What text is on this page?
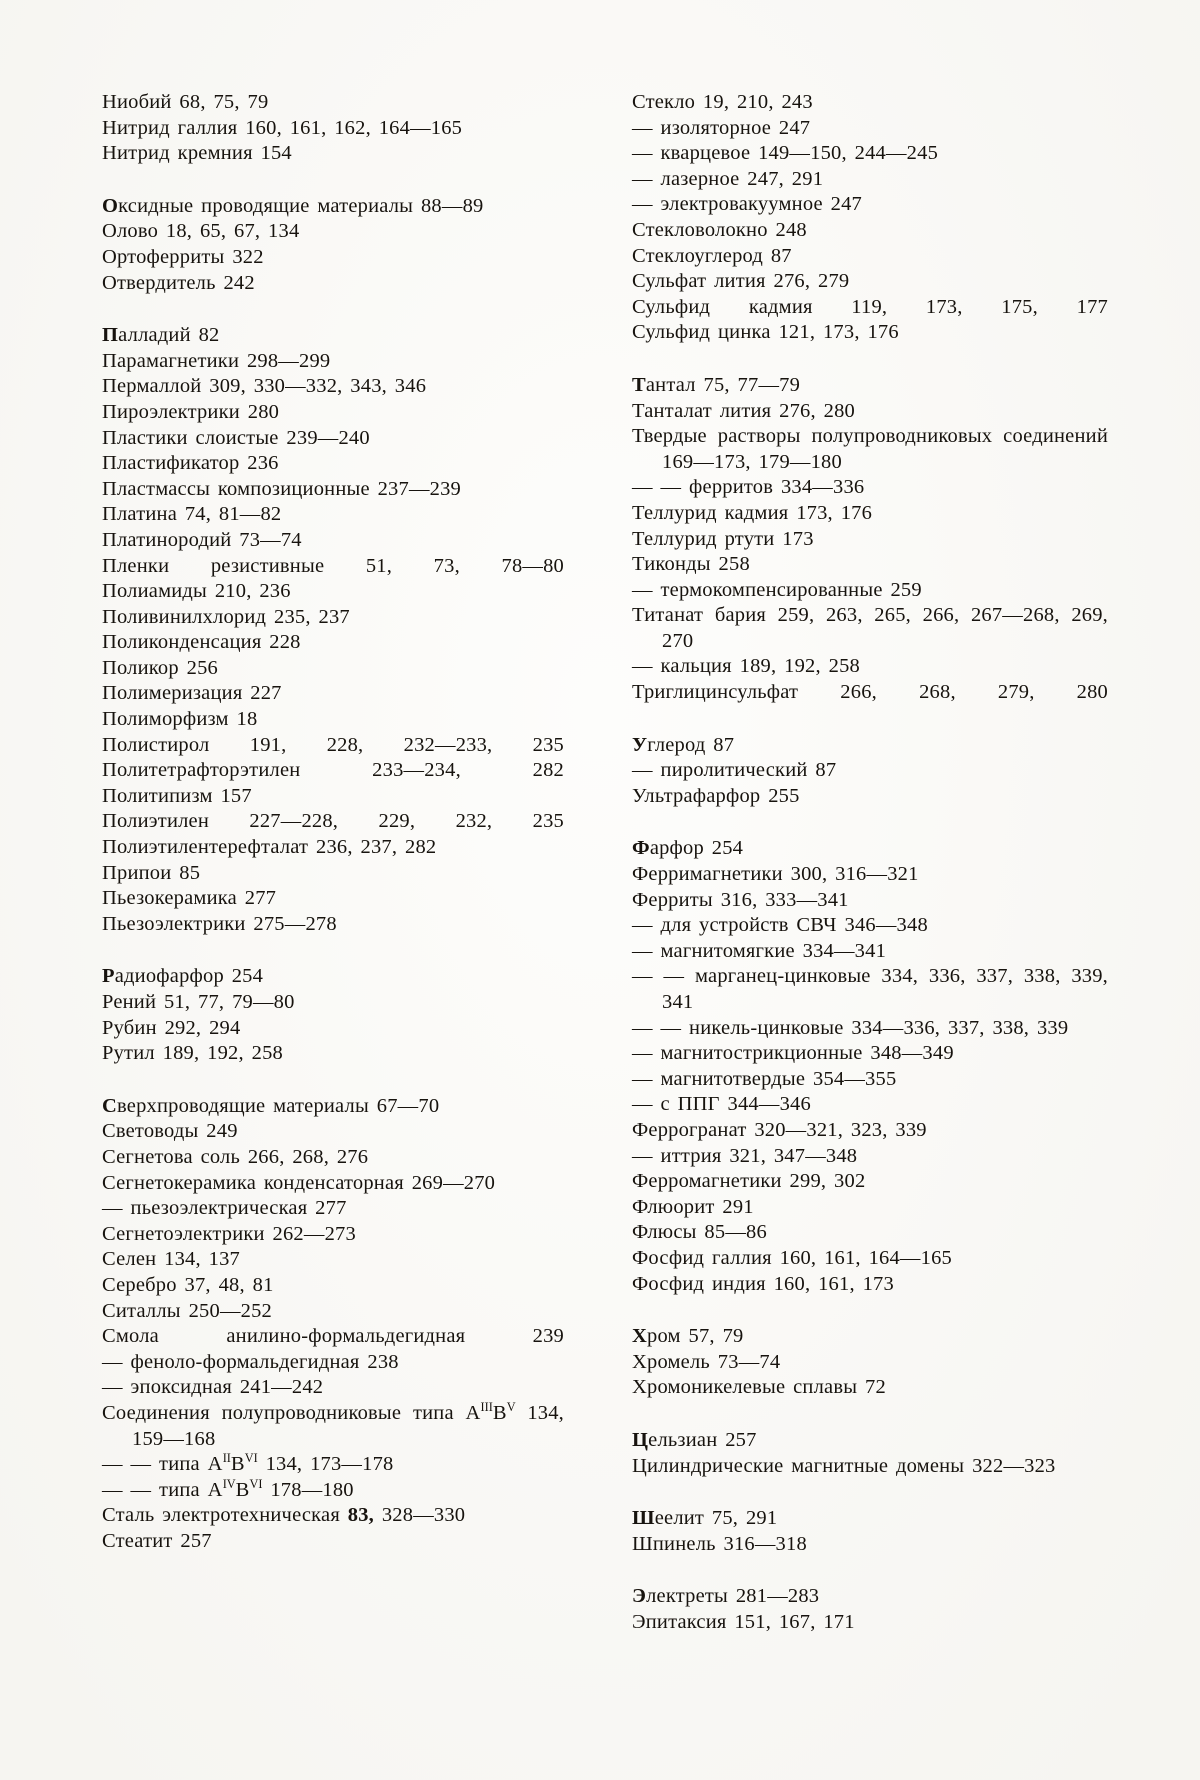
Ниобий 68, 75, 79
Нитрид галлия 160, 161, 162, 164—165
Нитрид кремния 154
Оксидные проводящие материалы 88—89
Олово 18, 65, 67, 134
Ортоферриты 322
Отвердитель 242
Палладий 82
Парамагнетики 298—299
Пермаллой 309, 330—332, 343, 346
Пироэлектрики 280
Пластики слоистые 239—240
Пластификатор 236
Пластмассы композиционные 237—239
Платина 74, 81—82
Платинородий 73—74
Пленки резистивные 51, 73, 78—80
Полиамиды 210, 236
Поливинилхлорид 235, 237
Поликонденсация 228
Поликор 256
Полимеризация 227
Полиморфизм 18
Полистирол 191, 228, 232—233, 235
Политетрафторэтилен 233—234, 282
Политипизм 157
Полиэтилен 227—228, 229, 232, 235
Полиэтилентерефталат 236, 237, 282
Припои 85
Пьезокерамика 277
Пьезоэлектрики 275—278
Радиофарфор 254
Рений 51, 77, 79—80
Рубин 292, 294
Рутил 189, 192, 258
Сверхпроводящие материалы 67—70
Световоды 249
Сегнетова соль 266, 268, 276
Сегнетокерамика конденсаторная 269—270
— пьезоэлектрическая 277
Сегнетоэлектрики 262—273
Селен 134, 137
Серебро 37, 48, 81
Ситаллы 250—252
Смола анилино-формальдегидная 239
— феноло-формальдегидная 238
— эпоксидная 241—242
Соединения полупроводниковые типа $А^{III}В^V$ 134, 159—168
— — типа $А^{II}В^{VI}$ 134, 173—178
— — типа $А^{IV}В^{VI}$ 178—180
Сталь электротехническая 83, 328—330
Стеатит 257
Стекло 19, 210, 243
— изоляторное 247
— кварцевое 149—150, 244—245
— лазерное 247, 291
— электровакуумное 247
Стекловолокно 248
Стеклоуглерод 87
Сульфат лития 276, 279
Сульфид кадмия 119, 173, 175, 177
Сульфид цинка 121, 173, 176
Тантал 75, 77—79
Танталат лития 276, 280
Твердые растворы полупроводниковых соединений 169—173, 179—180
— — ферритов 334—336
Теллурид кадмия 173, 176
Теллурид ртути 173
Тиконды 258
— термокомпенсированные 259
Титанат бария 259, 263, 265, 266, 267—268, 269, 270
— кальция 189, 192, 258
Триглицинсульфат 266, 268, 279, 280
Углерод 87
— пиролитический 87
Ультрафарфор 255
Фарфор 254
Ферримагнетики 300, 316—321
Ферриты 316, 333—341
— для устройств СВЧ 346—348
— магнитомягкие 334—341
— — марганец-цинковые 334, 336, 337, 338, 339, 341
— — никель-цинковые 334—336, 337, 338, 339
— магнитострикционные 348—349
— магнитотвердые 354—355
— с ППГ 344—346
Феррогранат 320—321, 323, 339
— иттрия 321, 347—348
Ферромагнетики 299, 302
Флюорит 291
Флюсы 85—86
Фосфид галлия 160, 161, 164—165
Фосфид индия 160, 161, 173
Хром 57, 79
Хромель 73—74
Хромоникелевые сплавы 72
Цельзиан 257
Цилиндрические магнитные домены 322—323
Шеелит 75, 291
Шпинель 316—318
Электреты 281—283
Эпитаксия 151, 167, 171
